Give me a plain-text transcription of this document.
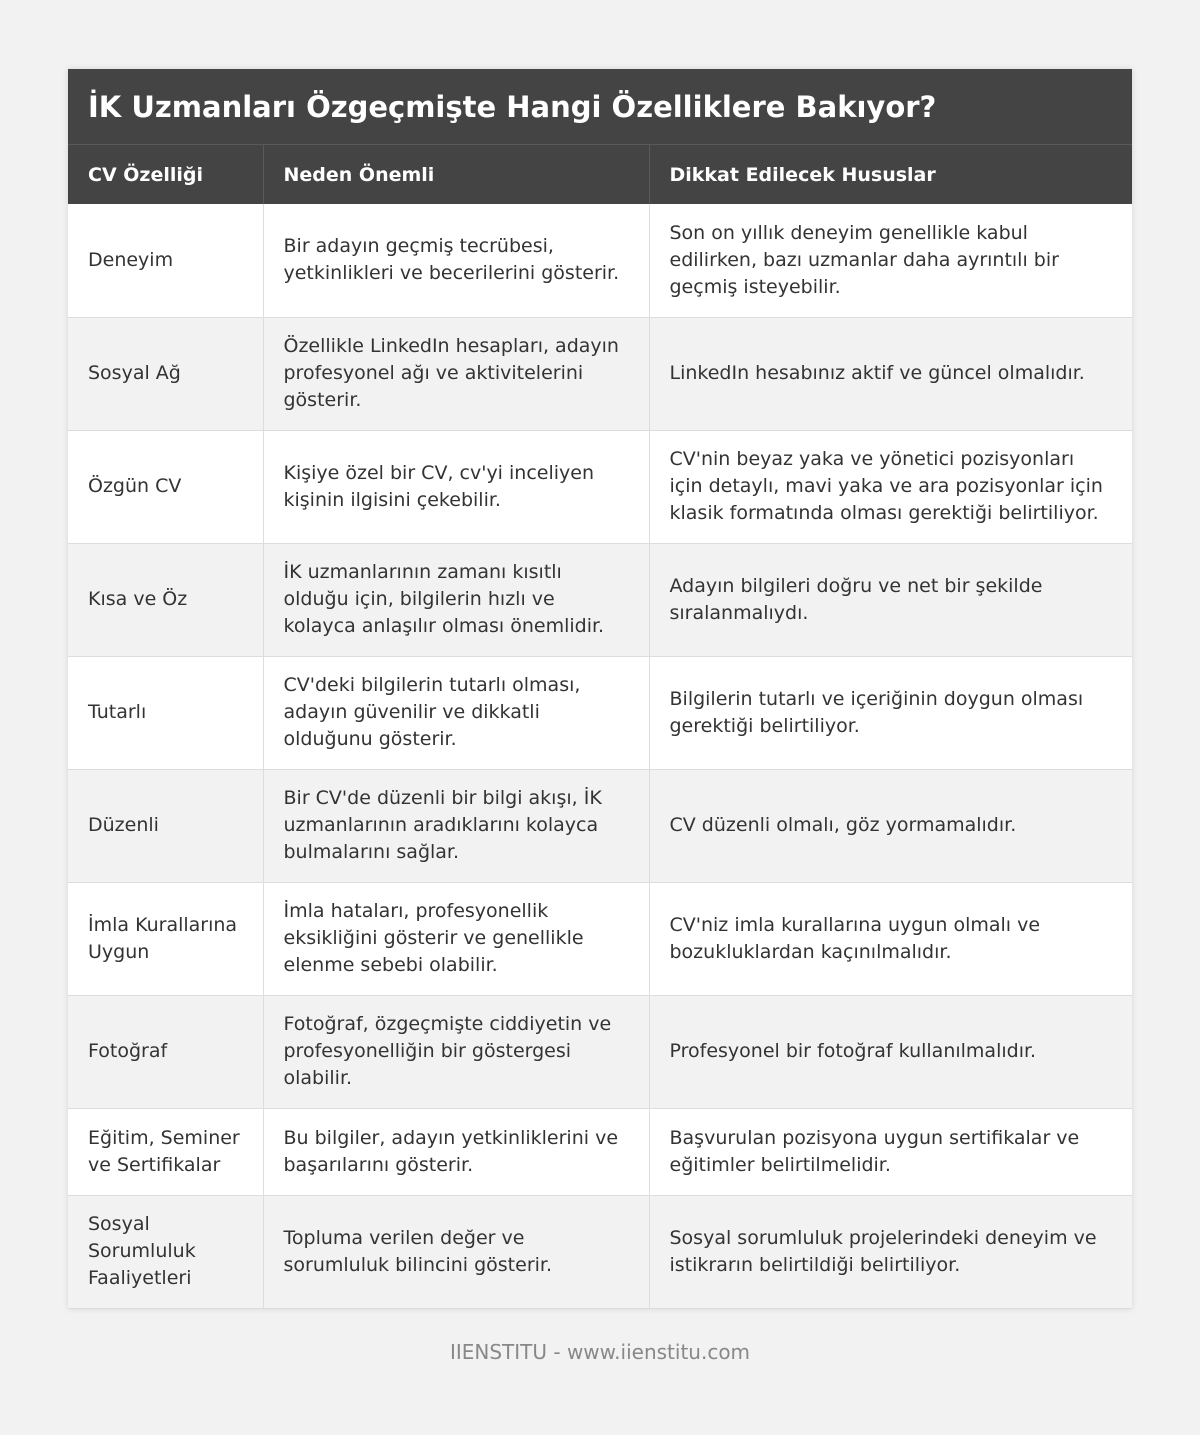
İK Uzmanları Özgeçmişte Hangi Özelliklere Bakıyor?
CV Özelliği	Neden Önemli	Dikkat Edilecek Hususlar
Deneyim	Bir adayın geçmiş tecrübesi, yetkinlikleri ve becerilerini gösterir.	Son on yıllık deneyim genellikle kabul edilirken, bazı uzmanlar daha ayrıntılı bir geçmiş isteyebilir.
Sosyal Ağ	Özellikle LinkedIn hesapları, adayın profesyonel ağı ve aktivitelerini gösterir.	LinkedIn hesabınız aktif ve güncel olmalıdır.
Özgün CV	Kişiye özel bir CV, cv'yi inceliyen kişinin ilgisini çekebilir.	CV'nin beyaz yaka ve yönetici pozisyonları için detaylı, mavi yaka ve ara pozisyonlar için klasik formatında olması gerektiği belirtiliyor.
Kısa ve Öz	İK uzmanlarının zamanı kısıtlı olduğu için, bilgilerin hızlı ve kolayca anlaşılır olması önemlidir.	Adayın bilgileri doğru ve net bir şekilde sıralanmalıydı.
Tutarlı	CV'deki bilgilerin tutarlı olması, adayın güvenilir ve dikkatli olduğunu gösterir.	Bilgilerin tutarlı ve içeriğinin doygun olması gerektiği belirtiliyor.
Düzenli	Bir CV'de düzenli bir bilgi akışı, İK uzmanlarının aradıklarını kolayca bulmalarını sağlar.	CV düzenli olmalı, göz yormamalıdır.
İmla Kurallarına Uygun	İmla hataları, profesyonellik eksikliğini gösterir ve genellikle elenme sebebi olabilir.	CV'niz imla kurallarına uygun olmalı ve bozukluklardan kaçınılmalıdır.
Fotoğraf	Fotoğraf, özgeçmişte ciddiyetin ve profesyonelliğin bir göstergesi olabilir.	Profesyonel bir fotoğraf kullanılmalıdır.
Eğitim, Seminer ve Sertifikalar	Bu bilgiler, adayın yetkinliklerini ve başarılarını gösterir.	Başvurulan pozisyona uygun sertifikalar ve eğitimler belirtilmelidir.
Sosyal Sorumluluk Faaliyetleri	Topluma verilen değer ve sorumluluk bilincini gösterir.	Sosyal sorumluluk projelerindeki deneyim ve istikrarın belirtildiği belirtiliyor.
IIENSTITU - www.iienstitu.com
